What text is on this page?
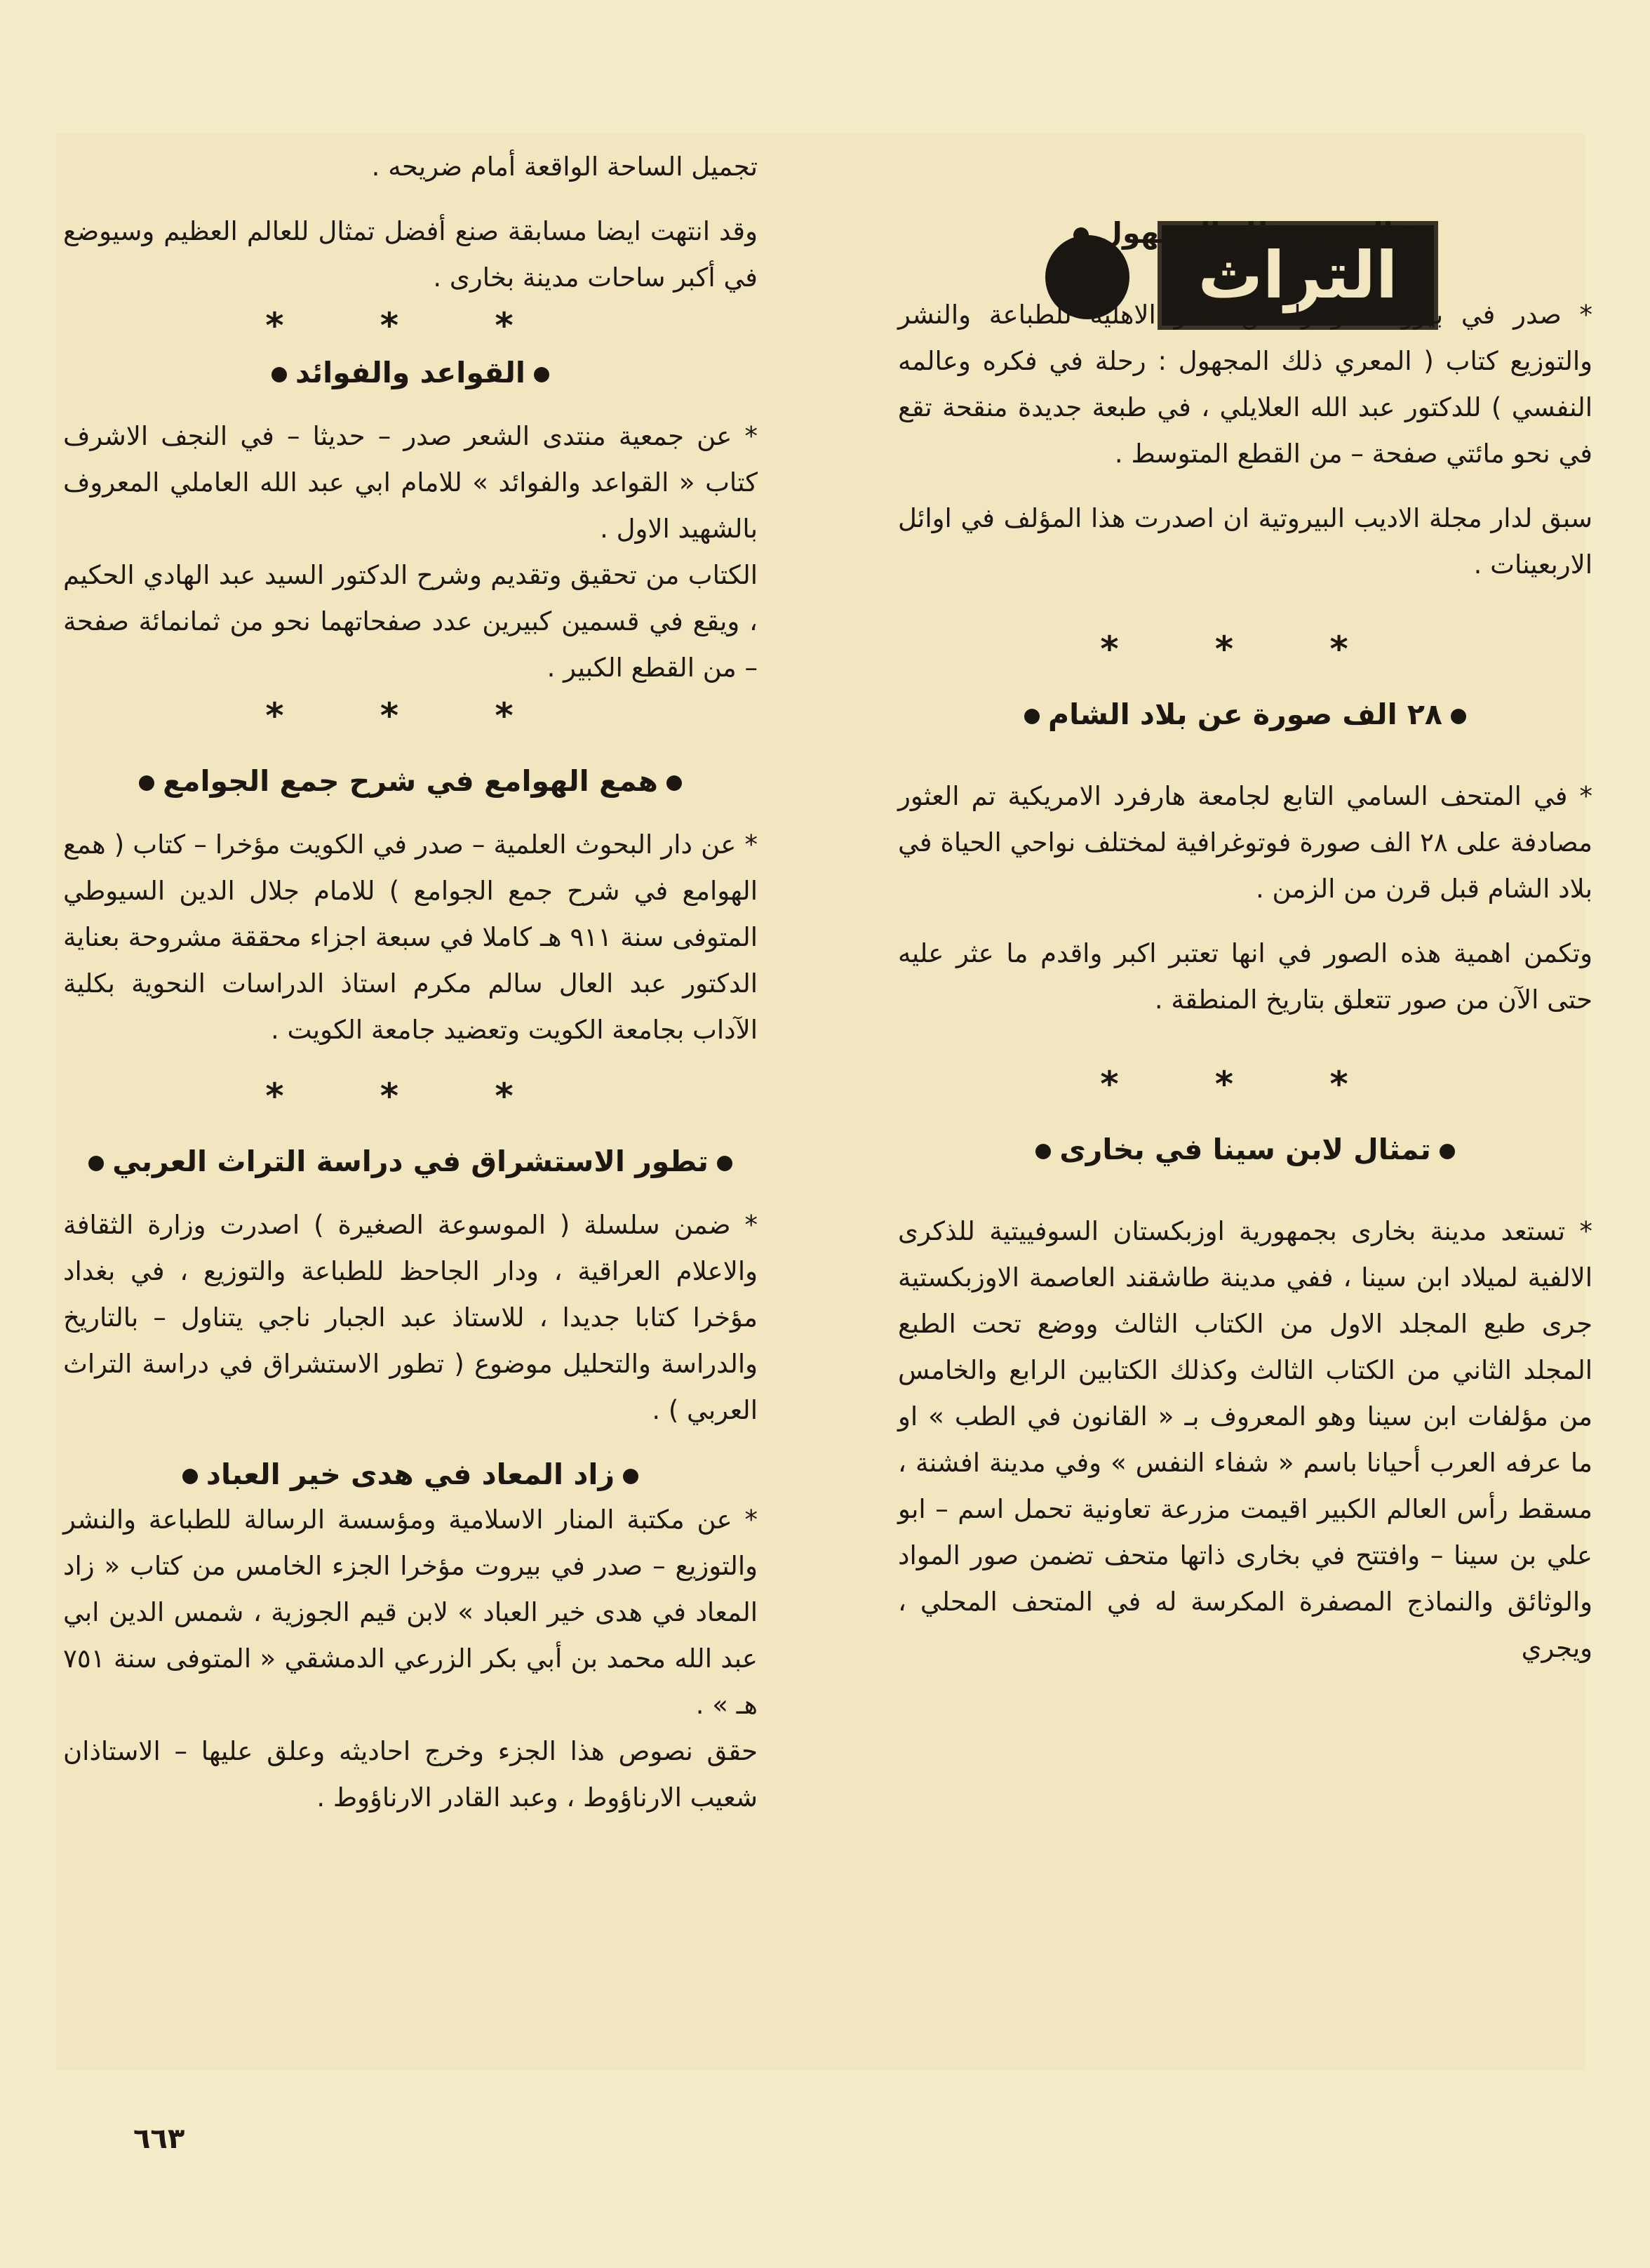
التراث

المعري ذلك المجهول

* صدر في بيروت مؤخرا عن الدار الاهلية للطباعة والنشر والتوزيع كتاب ( المعري ذلك المجهول : رحلة في فكره وعالمه النفسي ) للدكتور عبد الله العلايلي ، في طبعة جديدة منقحة تقع في نحو مائتي صفحة – من القطع المتوسط .

سبق لدار مجلة الاديب البيروتية ان اصدرت هذا المؤلف في اوائل الاربعينات .

* * *

٢٨ الف صورة عن بلاد الشام

* في المتحف السامي التابع لجامعة هارفرد الامريكية تم العثور مصادفة على ٢٨ الف صورة فوتوغرافية لمختلف نواحي الحياة في بلاد الشام قبل قرن من الزمن .

وتكمن اهمية هذه الصور في انها تعتبر اكبر واقدم ما عثر عليه حتى الآن من صور تتعلق بتاريخ المنطقة .

* * *

تمثال لابن سينا في بخارى

* تستعد مدينة بخارى بجمهورية اوزبكستان السوفييتية للذكرى الالفية لميلاد ابن سينا ، ففي مدينة طاشقند العاصمة الاوزبكستية جرى طبع المجلد الاول من الكتاب الثالث ووضع تحت الطبع المجلد الثاني من الكتاب الثالث وكذلك الكتابين الرابع والخامس من مؤلفات ابن سينا وهو المعروف بـ « القانون في الطب » او ما عرفه العرب أحيانا باسم « شفاء النفس » وفي مدينة افشنة ، مسقط رأس العالم الكبير اقيمت مزرعة تعاونية تحمل اسم – ابو علي بن سينا – وافتتح في بخارى ذاتها متحف تضمن صور المواد والوثائق والنماذج المصفرة المكرسة له في المتحف المحلي ، ويجري

تجميل الساحة الواقعة أمام ضريحه .

وقد انتهت ايضا مسابقة صنع أفضل تمثال للعالم العظيم وسيوضع في أكبر ساحات مدينة بخارى .

* * *

القواعد والفوائد

* عن جمعية منتدى الشعر صدر – حديثا – في النجف الاشرف كتاب « القواعد والفوائد » للامام ابي عبد الله العاملي المعروف بالشهيد الاول .

الكتاب من تحقيق وتقديم وشرح الدكتور السيد عبد الهادي الحكيم ، ويقع في قسمين كبيرين عدد صفحاتهما نحو من ثمانمائة صفحة – من القطع الكبير .

* * *

همع الهوامع في شرح جمع الجوامع

* عن دار البحوث العلمية – صدر في الكويت مؤخرا – كتاب ( همع الهوامع في شرح جمع الجوامع ) للامام جلال الدين السيوطي المتوفى سنة ٩١١ هـ كاملا في سبعة اجزاء محققة مشروحة بعناية الدكتور عبد العال سالم مكرم استاذ الدراسات النحوية بكلية الآداب بجامعة الكويت وتعضيد جامعة الكويت .

* * *

تطور الاستشراق في دراسة التراث العربي

* ضمن سلسلة ( الموسوعة الصغيرة ) اصدرت وزارة الثقافة والاعلام العراقية ، ودار الجاحظ للطباعة والتوزيع ، في بغداد مؤخرا كتابا جديدا ، للاستاذ عبد الجبار ناجي يتناول – بالتاريخ والدراسة والتحليل موضوع ( تطور الاستشراق في دراسة التراث العربي ) .

زاد المعاد في هدى خير العباد

* عن مكتبة المنار الاسلامية ومؤسسة الرسالة للطباعة والنشر والتوزيع – صدر في بيروت مؤخرا الجزء الخامس من كتاب « زاد المعاد في هدى خير العباد » لابن قيم الجوزية ، شمس الدين ابي عبد الله محمد بن أبي بكر الزرعي الدمشقي « المتوفى سنة ٧٥١ هـ » .

حقق نصوص هذا الجزء وخرج احاديثه وعلق عليها – الاستاذان شعيب الارناؤوط ، وعبد القادر الارناؤوط .

٦٦٣
